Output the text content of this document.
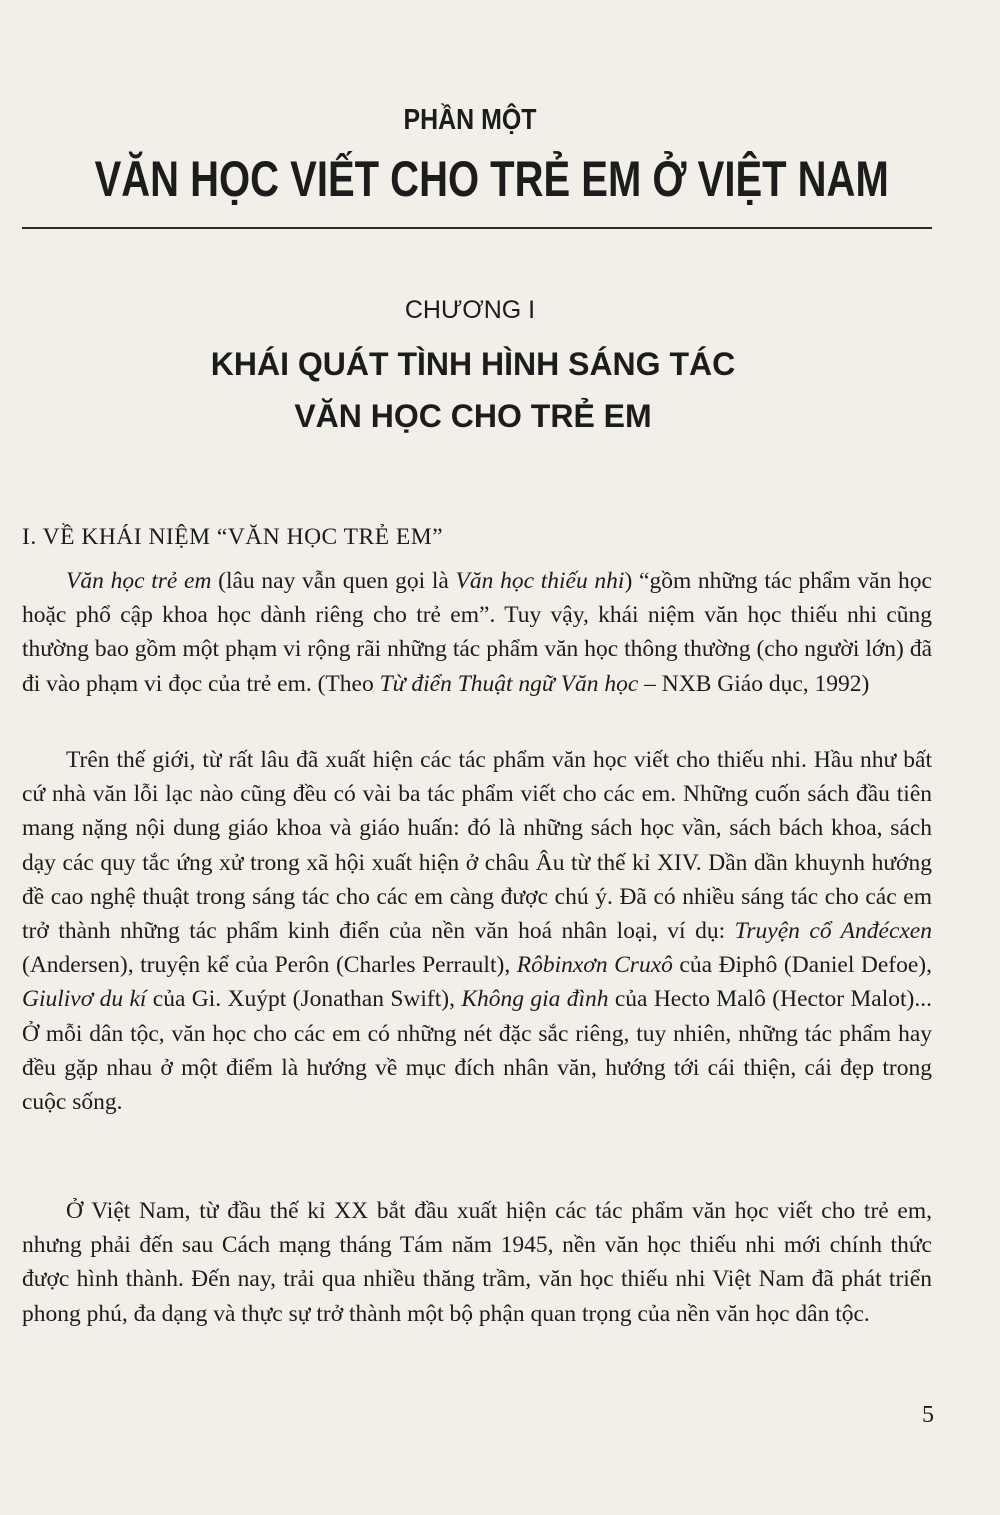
PHẦN MỘT
VĂN HỌC VIẾT CHO TRẺ EM Ở VIỆT NAM
CHƯƠNG I
KHÁI QUÁT TÌNH HÌNH SÁNG TÁC
VĂN HỌC CHO TRẺ EM
I. VỀ KHÁI NIỆM “VĂN HỌC TRẺ EM”

Văn học trẻ em (lâu nay vẫn quen gọi là Văn học thiếu nhi) “gồm những tác phẩm văn học hoặc phổ cập khoa học dành riêng cho trẻ em”. Tuy vậy, khái niệm văn học thiếu nhi cũng thường bao gồm một phạm vi rộng rãi những tác phẩm văn học thông thường (cho người lớn) đã đi vào phạm vi đọc của trẻ em. (Theo Từ điển Thuật ngữ Văn học – NXB Giáo dục, 1992)

Trên thế giới, từ rất lâu đã xuất hiện các tác phẩm văn học viết cho thiếu nhi. Hầu như bất cứ nhà văn lỗi lạc nào cũng đều có vài ba tác phẩm viết cho các em. Những cuốn sách đầu tiên mang nặng nội dung giáo khoa và giáo huấn: đó là những sách học vần, sách bách khoa, sách dạy các quy tắc ứng xử trong xã hội xuất hiện ở châu Âu từ thế kỉ XIV. Dần dần khuynh hướng đề cao nghệ thuật trong sáng tác cho các em càng được chú ý. Đã có nhiều sáng tác cho các em trở thành những tác phẩm kinh điển của nền văn hoá nhân loại, ví dụ: Truyện cổ Anđécxen (Andersen), truyện kể của Perôn (Charles Perrault), Rôbinxơn Cruxô của Điphô (Daniel Defoe), Giulivơ du kí của Gi. Xuýpt (Jonathan Swift), Không gia đình của Hecto Malô (Hector Malot)... Ở mỗi dân tộc, văn học cho các em có những nét đặc sắc riêng, tuy nhiên, những tác phẩm hay đều gặp nhau ở một điểm là hướng về mục đích nhân văn, hướng tới cái thiện, cái đẹp trong cuộc sống.

Ở Việt Nam, từ đầu thế kỉ XX bắt đầu xuất hiện các tác phẩm văn học viết cho trẻ em, nhưng phải đến sau Cách mạng tháng Tám năm 1945, nền văn học thiếu nhi mới chính thức được hình thành. Đến nay, trải qua nhiều thăng trầm, văn học thiếu nhi Việt Nam đã phát triển phong phú, đa dạng và thực sự trở thành một bộ phận quan trọng của nền văn học dân tộc.

5
